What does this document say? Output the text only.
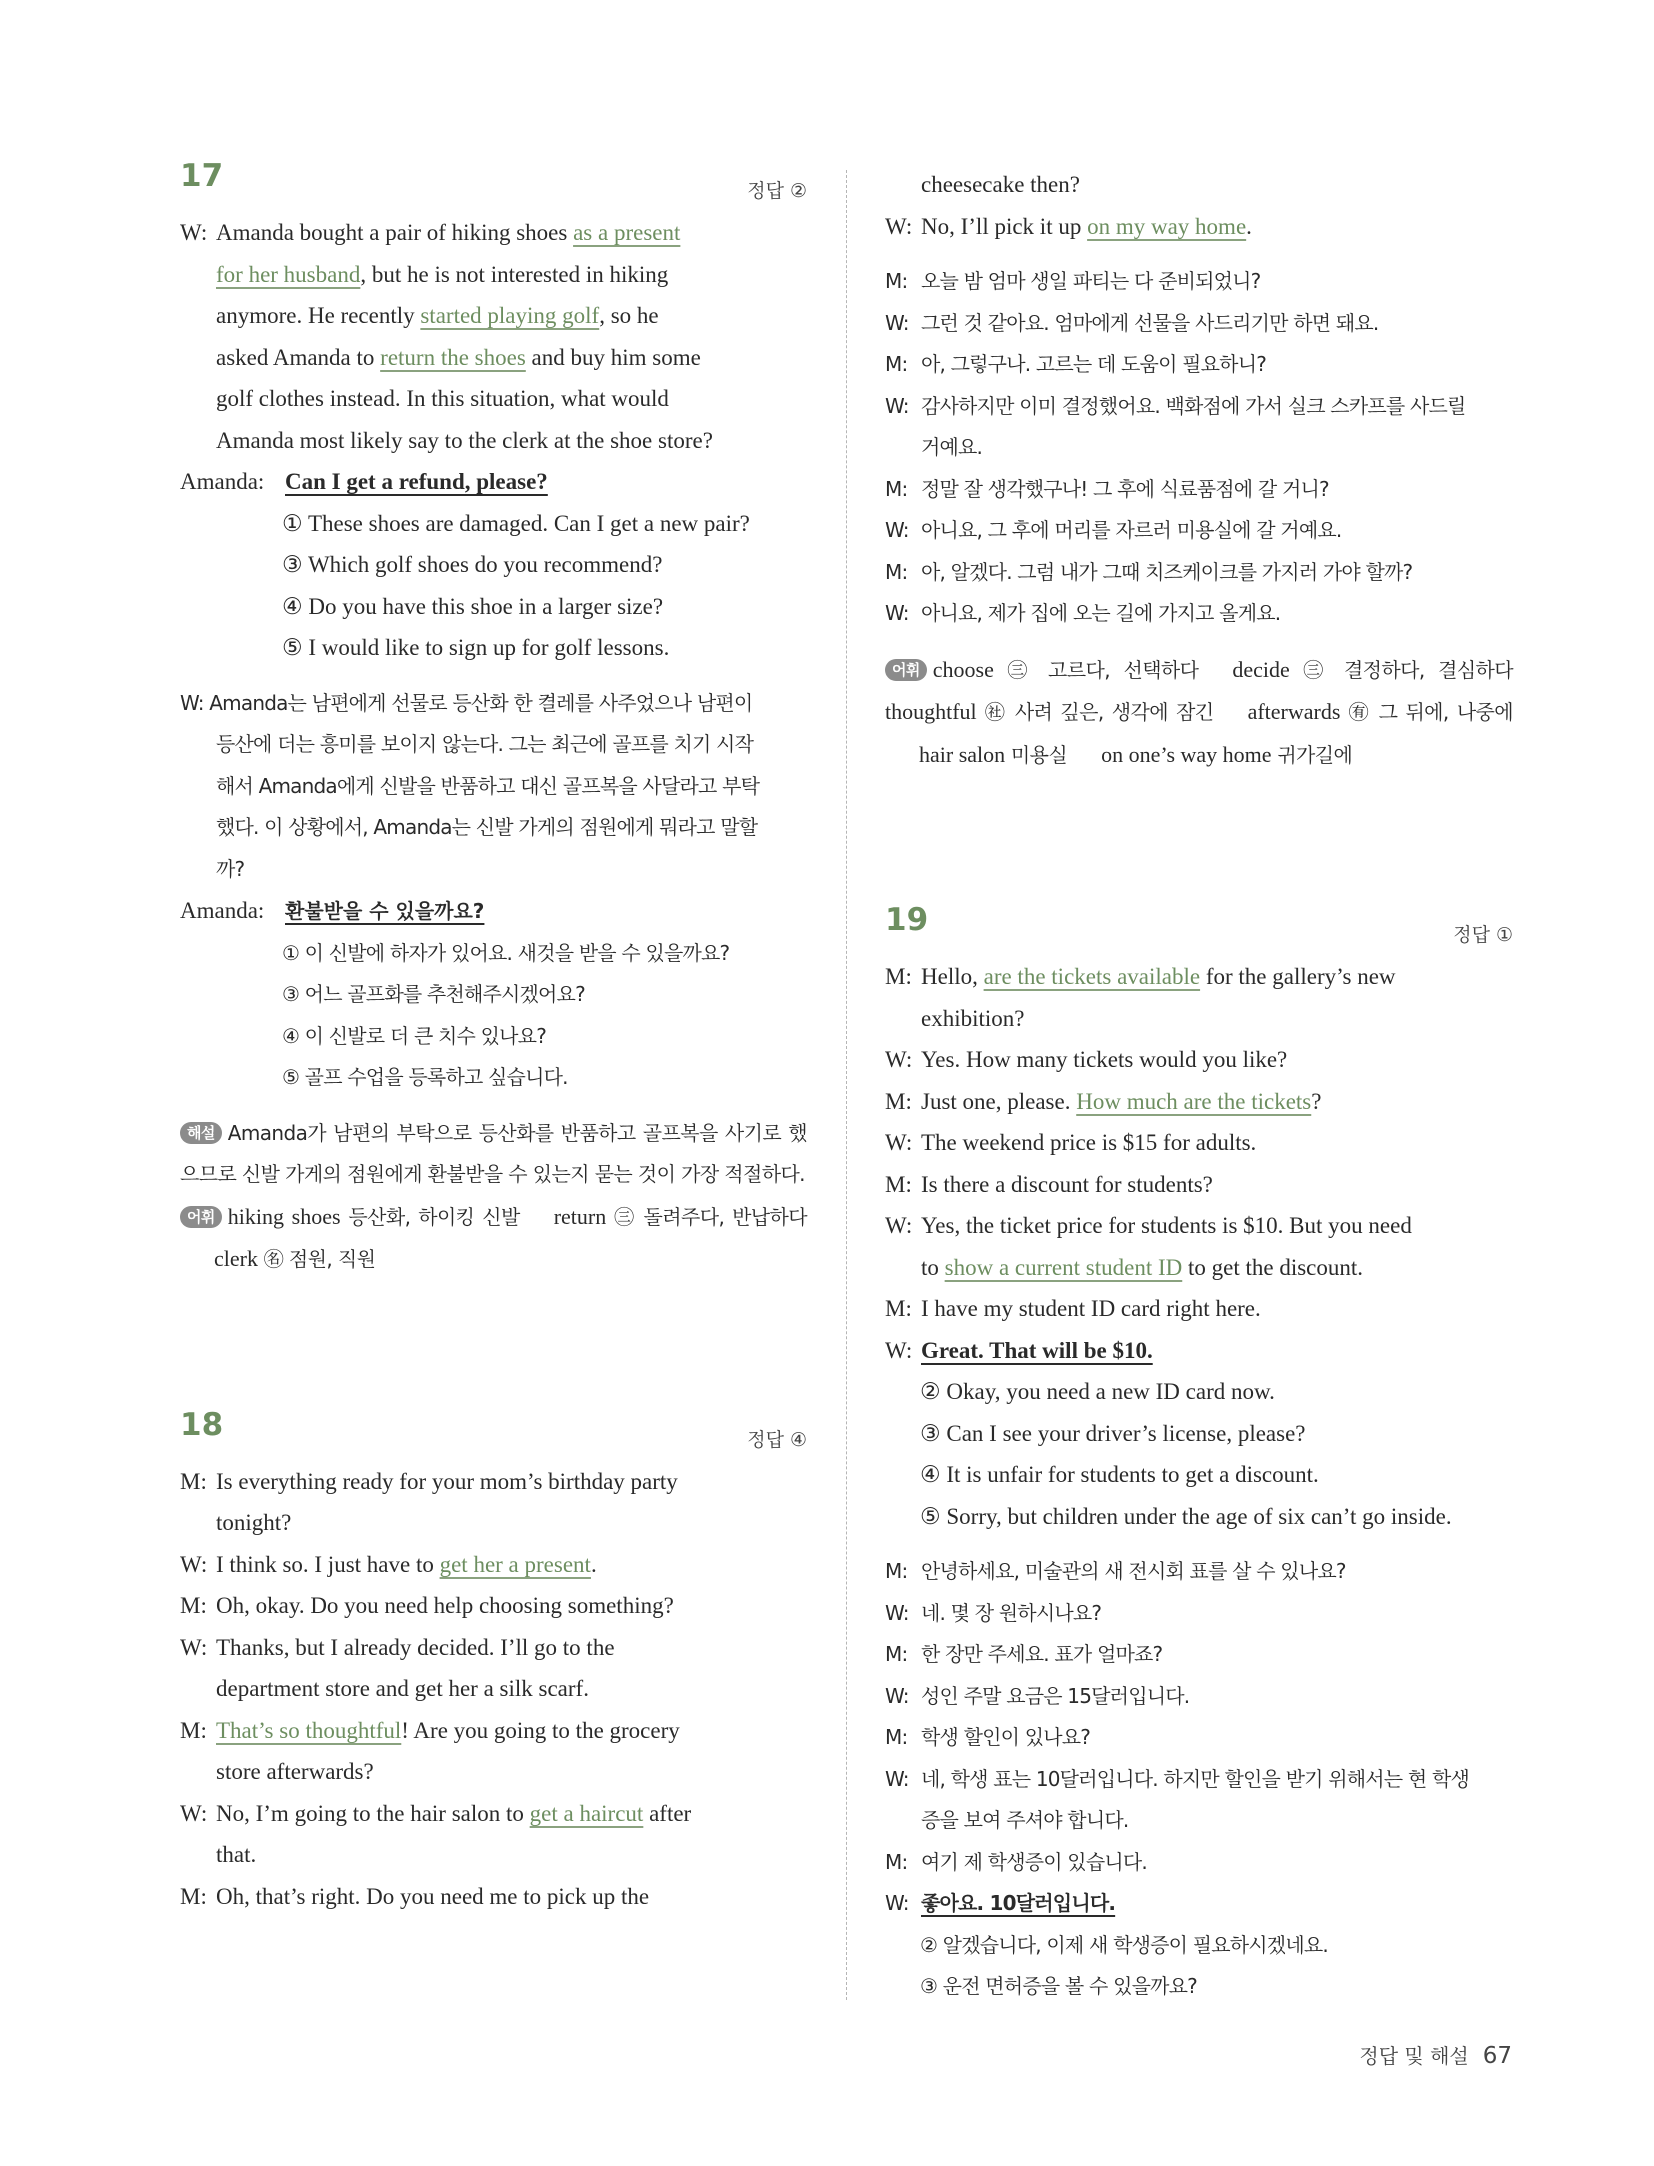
17	정답 ②
W: Amanda bought a pair of hiking shoes as a present
for her husband, but he is not interested in hiking
anymore. He recently started playing golf, so he
asked Amanda to return the shoes and buy him some
golf clothes instead. In this situation, what would
Amanda most likely say to the clerk at the shoe store?
Amanda: Can I get a refund, please?
① These shoes are damaged. Can I get a new pair?
③ Which golf shoes do you recommend?
④ Do you have this shoe in a larger size?
⑤ I would like to sign up for golf lessons.
W: Amanda는 남편에게 선물로 등산화 한 켤레를 사주었으나 남편이
등산에 더는 흥미를 보이지 않는다. 그는 최근에 골프를 치기 시작
해서 Amanda에게 신발을 반품하고 대신 골프복을 사달라고 부탁
했다. 이 상황에서, Amanda는 신발 가게의 점원에게 뭐라고 말할
까?
Amanda: 환불받을 수 있을까요?
① 이 신발에 하자가 있어요. 새것을 받을 수 있을까요?
③ 어느 골프화를 추천해주시겠어요?
④ 이 신발로 더 큰 치수 있나요?
⑤ 골프 수업을 등록하고 싶습니다.
해설 Amanda가 남편의 부탁으로 등산화를 반품하고 골프복을 사기로 했으므로 신발 가게의 점원에게 환불받을 수 있는지 묻는 것이 가장 적절하다.
어휘 hiking shoes 등산화, 하이킹 신발 return ㊂ 돌려주다, 반납하다clerk ㊔ 점원, 직원
18	정답 ④
M: Is everything ready for your mom’s birthday party
tonight?
W: I think so. I just have to get her a present.
M: Oh, okay. Do you need help choosing something?
W: Thanks, but I already decided. I’ll go to the
department store and get her a silk scarf.
M: That’s so thoughtful! Are you going to the grocery
store afterwards?
W: No, I’m going to the hair salon to get a haircut after
that.
M: Oh, that’s right. Do you need me to pick up the
cheesecake then?
W: No, I’ll pick it up on my way home.
M: 오늘 밤 엄마 생일 파티는 다 준비되었니?
W: 그런 것 같아요. 엄마에게 선물을 사드리기만 하면 돼요.
M: 아, 그렇구나. 고르는 데 도움이 필요하니?
W: 감사하지만 이미 결정했어요. 백화점에 가서 실크 스카프를 사드릴
거예요.
M: 정말 잘 생각했구나! 그 후에 식료품점에 갈 거니?
W: 아니요, 그 후에 머리를 자르러 미용실에 갈 거예요.
M: 아, 알겠다. 그럼 내가 그때 치즈케이크를 가지러 가야 할까?
W: 아니요, 제가 집에 오는 길에 가지고 올게요.
어휘 choose ㊂ 고르다, 선택하다 decide ㊂ 결정하다, 결심하다 thoughtful ㊓ 사려 깊은, 생각에 잠긴 afterwards ㊒ 그 뒤에, 나중에hair salon 미용실 on one’s way home 귀가길에
19	정답 ①
M: Hello, are the tickets available for the gallery’s new
exhibition?
W: Yes. How many tickets would you like?
M: Just one, please. How much are the tickets?
W: The weekend price is $15 for adults.
M: Is there a discount for students?
W: Yes, the ticket price for students is $10. But you need
to show a current student ID to get the discount.
M: I have my student ID card right here.
W: Great. That will be $10.
② Okay, you need a new ID card now.
③ Can I see your driver’s license, please?
④ It is unfair for students to get a discount.
⑤ Sorry, but children under the age of six can’t go inside.
M: 안녕하세요, 미술관의 새 전시회 표를 살 수 있나요?
W: 네. 몇 장 원하시나요?
M: 한 장만 주세요. 표가 얼마죠?
W: 성인 주말 요금은 15달러입니다.
M: 학생 할인이 있나요?
W: 네, 학생 표는 10달러입니다. 하지만 할인을 받기 위해서는 현 학생
증을 보여 주셔야 합니다.
M: 여기 제 학생증이 있습니다.
W: 좋아요. 10달러입니다.
② 알겠습니다, 이제 새 학생증이 필요하시겠네요.
③ 운전 면허증을 볼 수 있을까요?
정답 및 해설 67
